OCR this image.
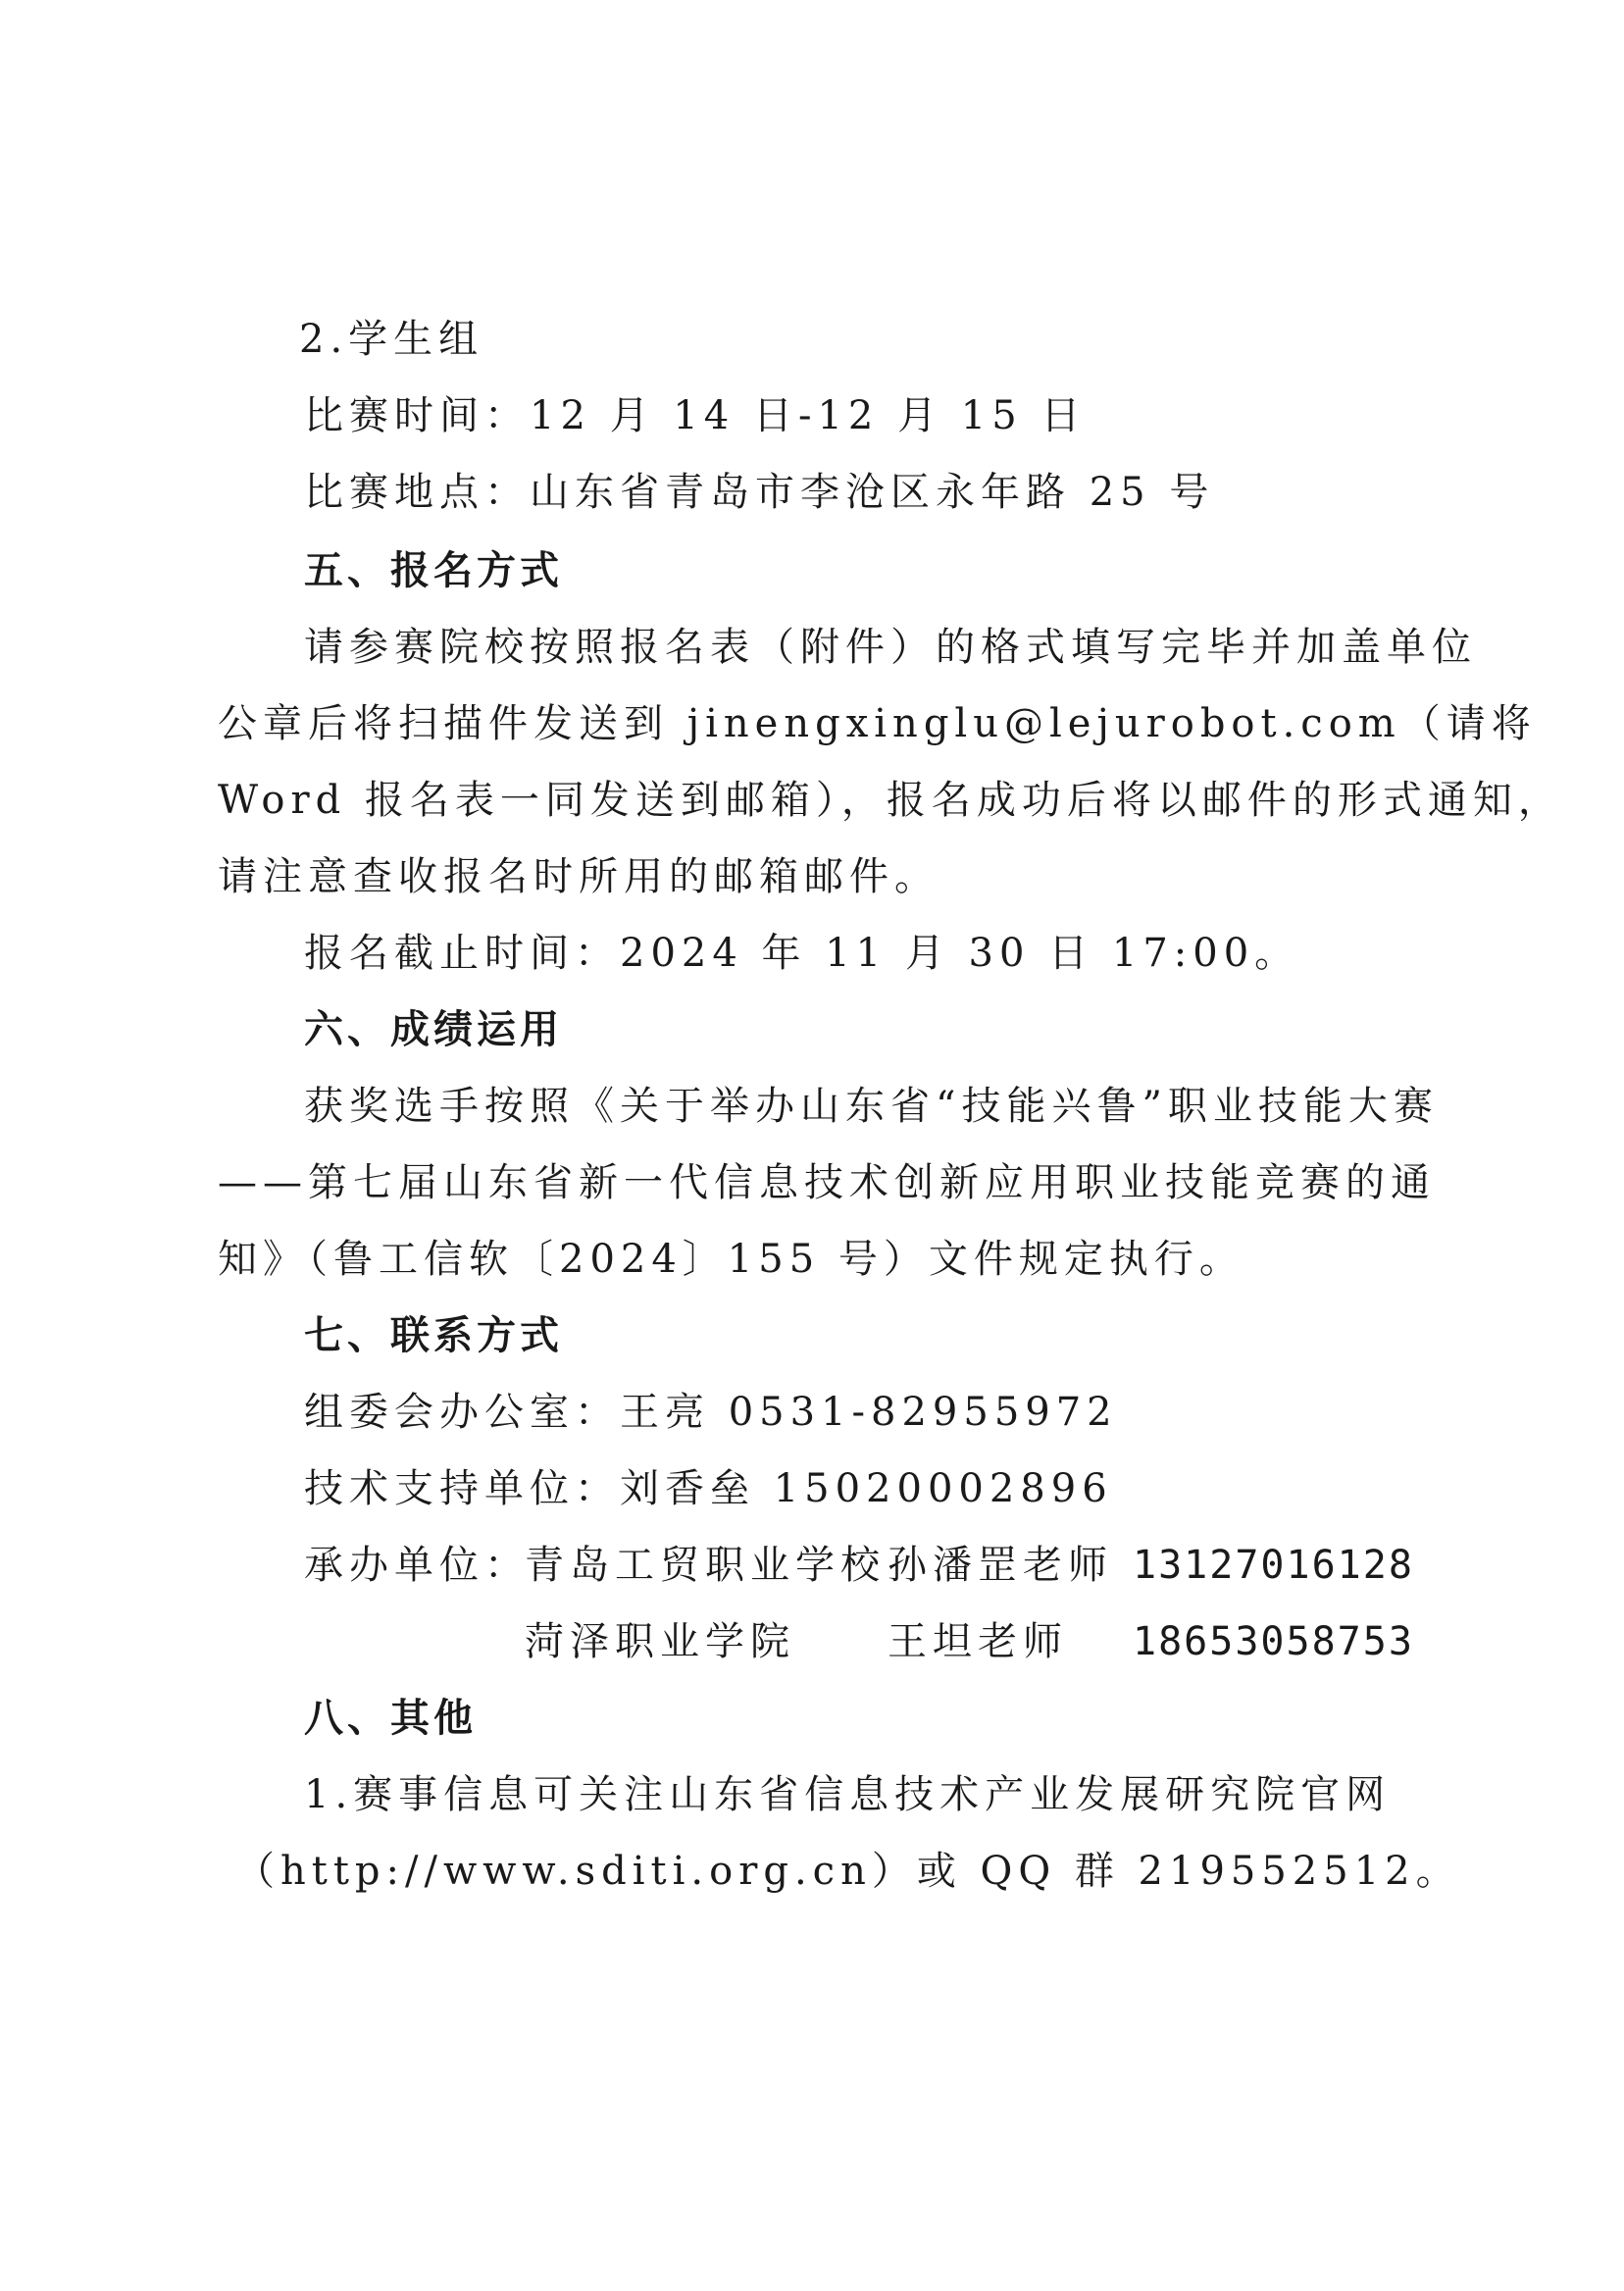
2.学生组
比赛时间：12 月 14 日-12 月 15 日
比赛地点：山东省青岛市李沧区永年路 25 号
五、报名方式
请参赛院校按照报名表（附件）的格式填写完毕并加盖单位
公章后将扫描件发送到 jinengxinglu@lejurobot.com（请将
Word 报名表一同发送到邮箱），报名成功后将以邮件的形式通知，
请注意查收报名时所用的邮箱邮件。
报名截止时间：2024 年 11 月 30 日 17:00。
六、成绩运用
获奖选手按照《关于举办山东省“技能兴鲁”职业技能大赛
——第七届山东省新一代信息技术创新应用职业技能竞赛的通
知》（鲁工信软〔2024〕155 号）文件规定执行。
七、联系方式
组委会办公室：王亮 0531-82955972
技术支持单位：刘香垒 15020002896
承办单位：
青岛工贸职业学校 孙潘罡老师 13127016128
菏泽职业学院 王坦老师 18653058753
八、其他
1.赛事信息可关注山东省信息技术产业发展研究院官网
（http://www.sditi.org.cn）或 QQ 群 219552512。
